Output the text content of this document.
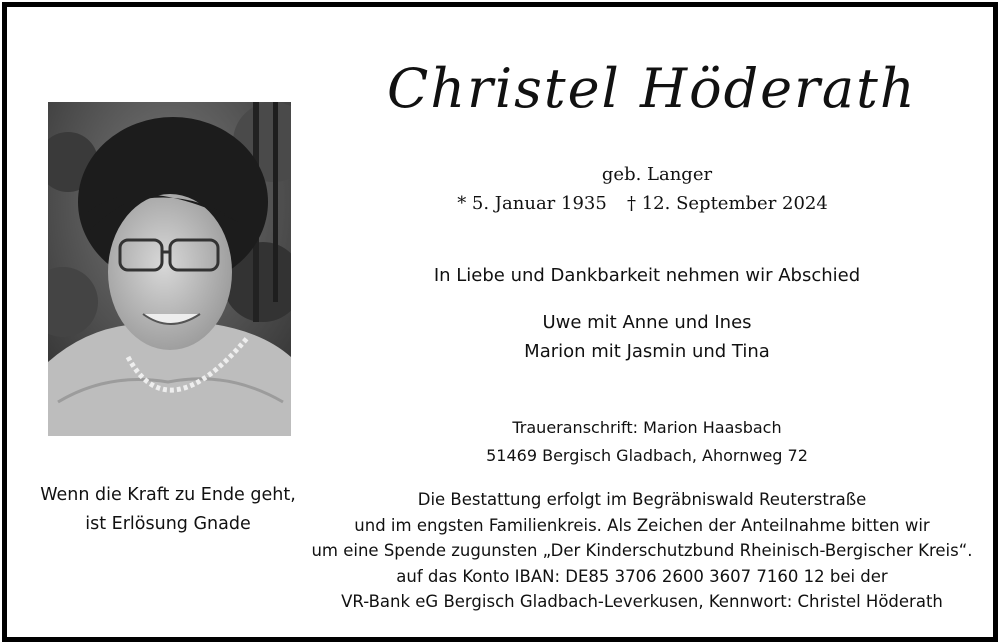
Christel Höderath
geb. Langer
* 5. Januar 1935	† 12. September 2024
In Liebe und Dankbarkeit nehmen wir Abschied
Uwe mit Anne und Ines
Marion mit Jasmin und Tina
Traueranschrift: Marion Haasbach
51469 Bergisch Gladbach, Ahornweg 72
Wenn die Kraft zu Ende geht,
ist Erlösung Gnade
Die Bestattung erfolgt im Begräbniswald Reuterstraße
und im engsten Familienkreis. Als Zeichen der Anteilnahme bitten wir
um eine Spende zugunsten „Der Kinderschutzbund Rheinisch-Bergischer Kreis“.
auf das Konto IBAN: DE85 3706 2600 3607 7160 12 bei der
VR-Bank eG Bergisch Gladbach-Leverkusen, Kennwort: Christel Höderath
